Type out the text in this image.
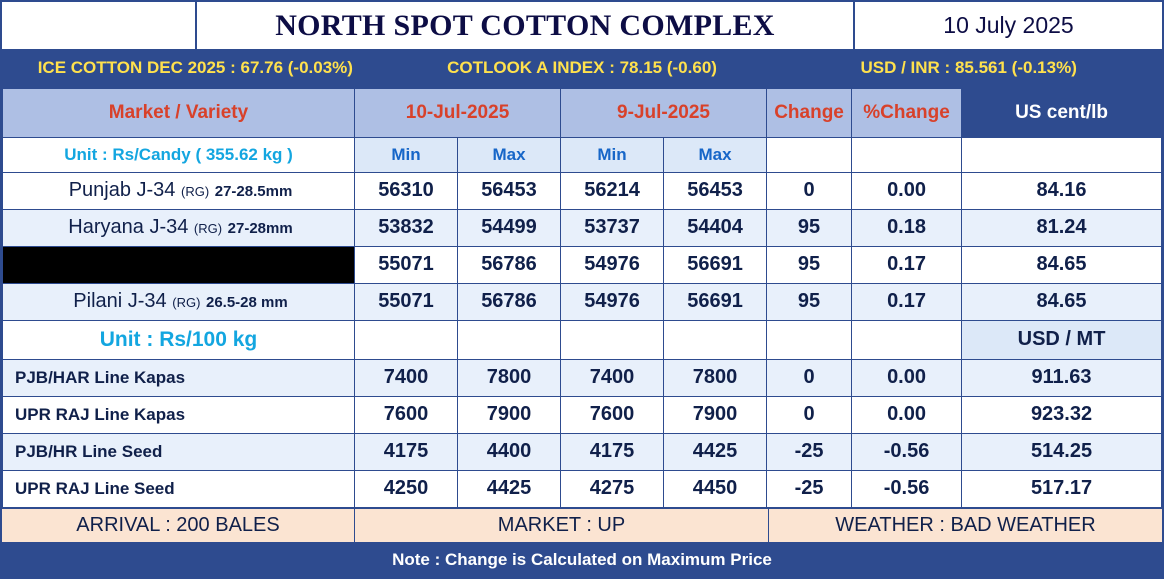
NORTH SPOT COTTON COMPLEX	10 July 2025
ICE COTTON DEC 2025 : 67.76 (-0.03%)	COTLOOK A INDEX : 78.15 (-0.60)	USD / INR : 85.561 (-0.13%)
Market / Variety	10-Jul-2025		9-Jul-2025		Change	%Change	US cent/lb
Unit : Rs/Candy ( 355.62 kg )	Min	Max	Min	Max			
Punjab J-34 (RG) 27-28.5mm	56310	56453	56214	56453	0	0.00	84.16
Haryana J-34 (RG) 27-28mm	53832	54499	53737	54404	95	0.18	81.24
	55071	56786	54976	56691	95	0.17	84.65
Pilani J-34 (RG) 26.5-28 mm	55071	56786	54976	56691	95	0.17	84.65
Unit : Rs/100 kg							USD / MT
PJB/HAR Line Kapas	7400	7800	7400	7800	0	0.00	911.63
UPR RAJ Line Kapas	7600	7900	7600	7900	0	0.00	923.32
PJB/HR Line Seed	4175	4400	4175	4425	-25	-0.56	514.25
UPR RAJ Line Seed	4250	4425	4275	4450	-25	-0.56	517.17
ARRIVAL : 200 BALES	MARKET : UP	WEATHER : BAD WEATHER
Note : Change is Calculated on Maximum Price
